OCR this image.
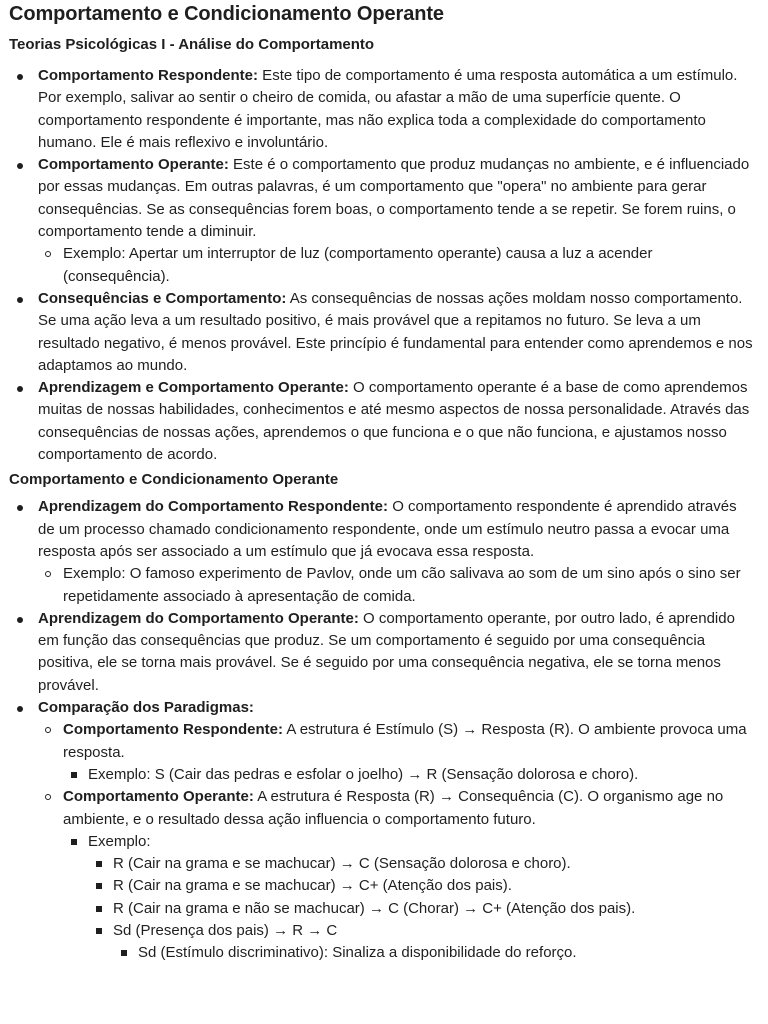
Comportamento e Condicionamento Operante
Teorias Psicológicas I - Análise do Comportamento
Comportamento Respondente: Este tipo de comportamento é uma resposta automática a um estímulo. Por exemplo, salivar ao sentir o cheiro de comida, ou afastar a mão de uma superfície quente. O comportamento respondente é importante, mas não explica toda a complexidade do comportamento humano. Ele é mais reflexivo e involuntário.
Comportamento Operante: Este é o comportamento que produz mudanças no ambiente, e é influenciado por essas mudanças. Em outras palavras, é um comportamento que "opera" no ambiente para gerar consequências. Se as consequências forem boas, o comportamento tende a se repetir. Se forem ruins, o comportamento tende a diminuir.
Exemplo: Apertar um interruptor de luz (comportamento operante) causa a luz a acender (consequência).
Consequências e Comportamento: As consequências de nossas ações moldam nosso comportamento. Se uma ação leva a um resultado positivo, é mais provável que a repitamos no futuro. Se leva a um resultado negativo, é menos provável. Este princípio é fundamental para entender como aprendemos e nos adaptamos ao mundo.
Aprendizagem e Comportamento Operante: O comportamento operante é a base de como aprendemos muitas de nossas habilidades, conhecimentos e até mesmo aspectos de nossa personalidade. Através das consequências de nossas ações, aprendemos o que funciona e o que não funciona, e ajustamos nosso comportamento de acordo.
Comportamento e Condicionamento Operante
Aprendizagem do Comportamento Respondente: O comportamento respondente é aprendido através de um processo chamado condicionamento respondente, onde um estímulo neutro passa a evocar uma resposta após ser associado a um estímulo que já evocava essa resposta.
Exemplo: O famoso experimento de Pavlov, onde um cão salivava ao som de um sino após o sino ser repetidamente associado à apresentação de comida.
Aprendizagem do Comportamento Operante: O comportamento operante, por outro lado, é aprendido em função das consequências que produz. Se um comportamento é seguido por uma consequência positiva, ele se torna mais provável. Se é seguido por uma consequência negativa, ele se torna menos provável.
Comparação dos Paradigmas:
Comportamento Respondente: A estrutura é Estímulo (S) → Resposta (R). O ambiente provoca uma resposta.
Exemplo: S (Cair das pedras e esfolar o joelho) → R (Sensação dolorosa e choro).
Comportamento Operante: A estrutura é Resposta (R) → Consequência (C). O organismo age no ambiente, e o resultado dessa ação influencia o comportamento futuro.
Exemplo:
R (Cair na grama e se machucar) → C (Sensação dolorosa e choro).
R (Cair na grama e se machucar) → C+ (Atenção dos pais).
R (Cair na grama e não se machucar) → C (Chorar) → C+ (Atenção dos pais).
Sd (Presença dos pais) → R → C
Sd (Estímulo discriminativo): Sinaliza a disponibilidade do reforço.
